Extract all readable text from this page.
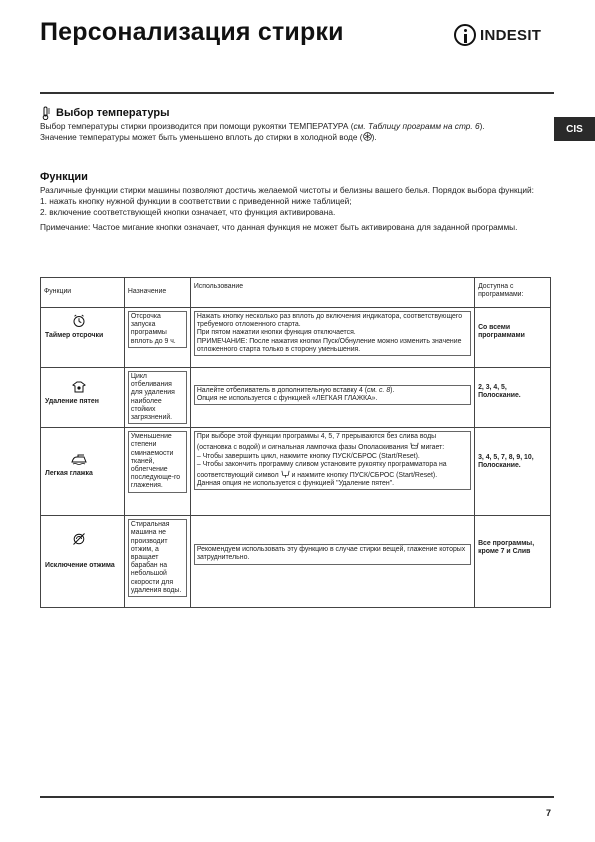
Персонализация стирки	INDESIT
CIS
Выбор температуры
Выбор температуры стирки производится при помощи рукоятки ТЕМПЕРАТУРА (см. Таблицу программ на стр. 6).
Значение температуры может быть уменьшено вплоть до стирки в холодной воде ( ).
Функции
Различные функции стирки машины позволяют достичь желаемой чистоты и белизны вашего белья. Порядок выбора функций:
1. нажать кнопку нужной функции в соответствии с приведенной ниже таблицей;
2. включение соответствующей кнопки означает, что функция активирована.
Примечание: Частое мигание кнопки означает, что данная функция не может быть активирована для заданной программы.
Функции	Назначение	Использование	Доступна с программами:

Таймер отсрочки	Отсрочка запуска программы вплоть до 9 ч.	Нажать кнопку несколько раз вплоть до включения индикатора, соответствующего требуемого отложенного старта.
При пятом нажатии кнопки функция отключается.
ПРИМЕЧАНИЕ: После нажатия кнопки Пуск/Обнуление можно изменить значение отложенного старта только в сторону уменьшения.	Со всеми программами

Удаление пятен	Цикл отбеливания для удаления наиболее стойких загрязнений.	Налейте отбеливатель в дополнительную вставку 4 (см. с. 8).
Опция не используется с функцией «ЛЕГКАЯ ГЛАЖКА».	2, 3, 4, 5, Полоскание.

Легкая глажка	Уменьшение степени сминаемости тканей, облегчение последующе-го глажения.	При выборе этой функции программы 4, 5, 7 прерываются без слива воды (остановка с водой) и сигнальная лампочка фазы Ополаскивания мигает:
– Чтобы завершить цикл, нажмите кнопку ПУСК/СБРОС (Start/Reset).
– Чтобы закончить программу сливом установите рукоятку программатора на соответствующий символ и нажмите кнопку ПУСК/СБРОС (Start/Reset).
Данная опция не используется с функцией "Удаление пятен".	3, 4, 5, 7, 8, 9, 10, Полоскание.

Исключение отжима	Стиральная машина не производит отжим, а вращает барабан на небольшой скорости для удаления воды.	Рекомендуем использовать эту функцию в случае стирки вещей, глажение которых затруднительно.	Все программы, кроме 7 и Слив
7
